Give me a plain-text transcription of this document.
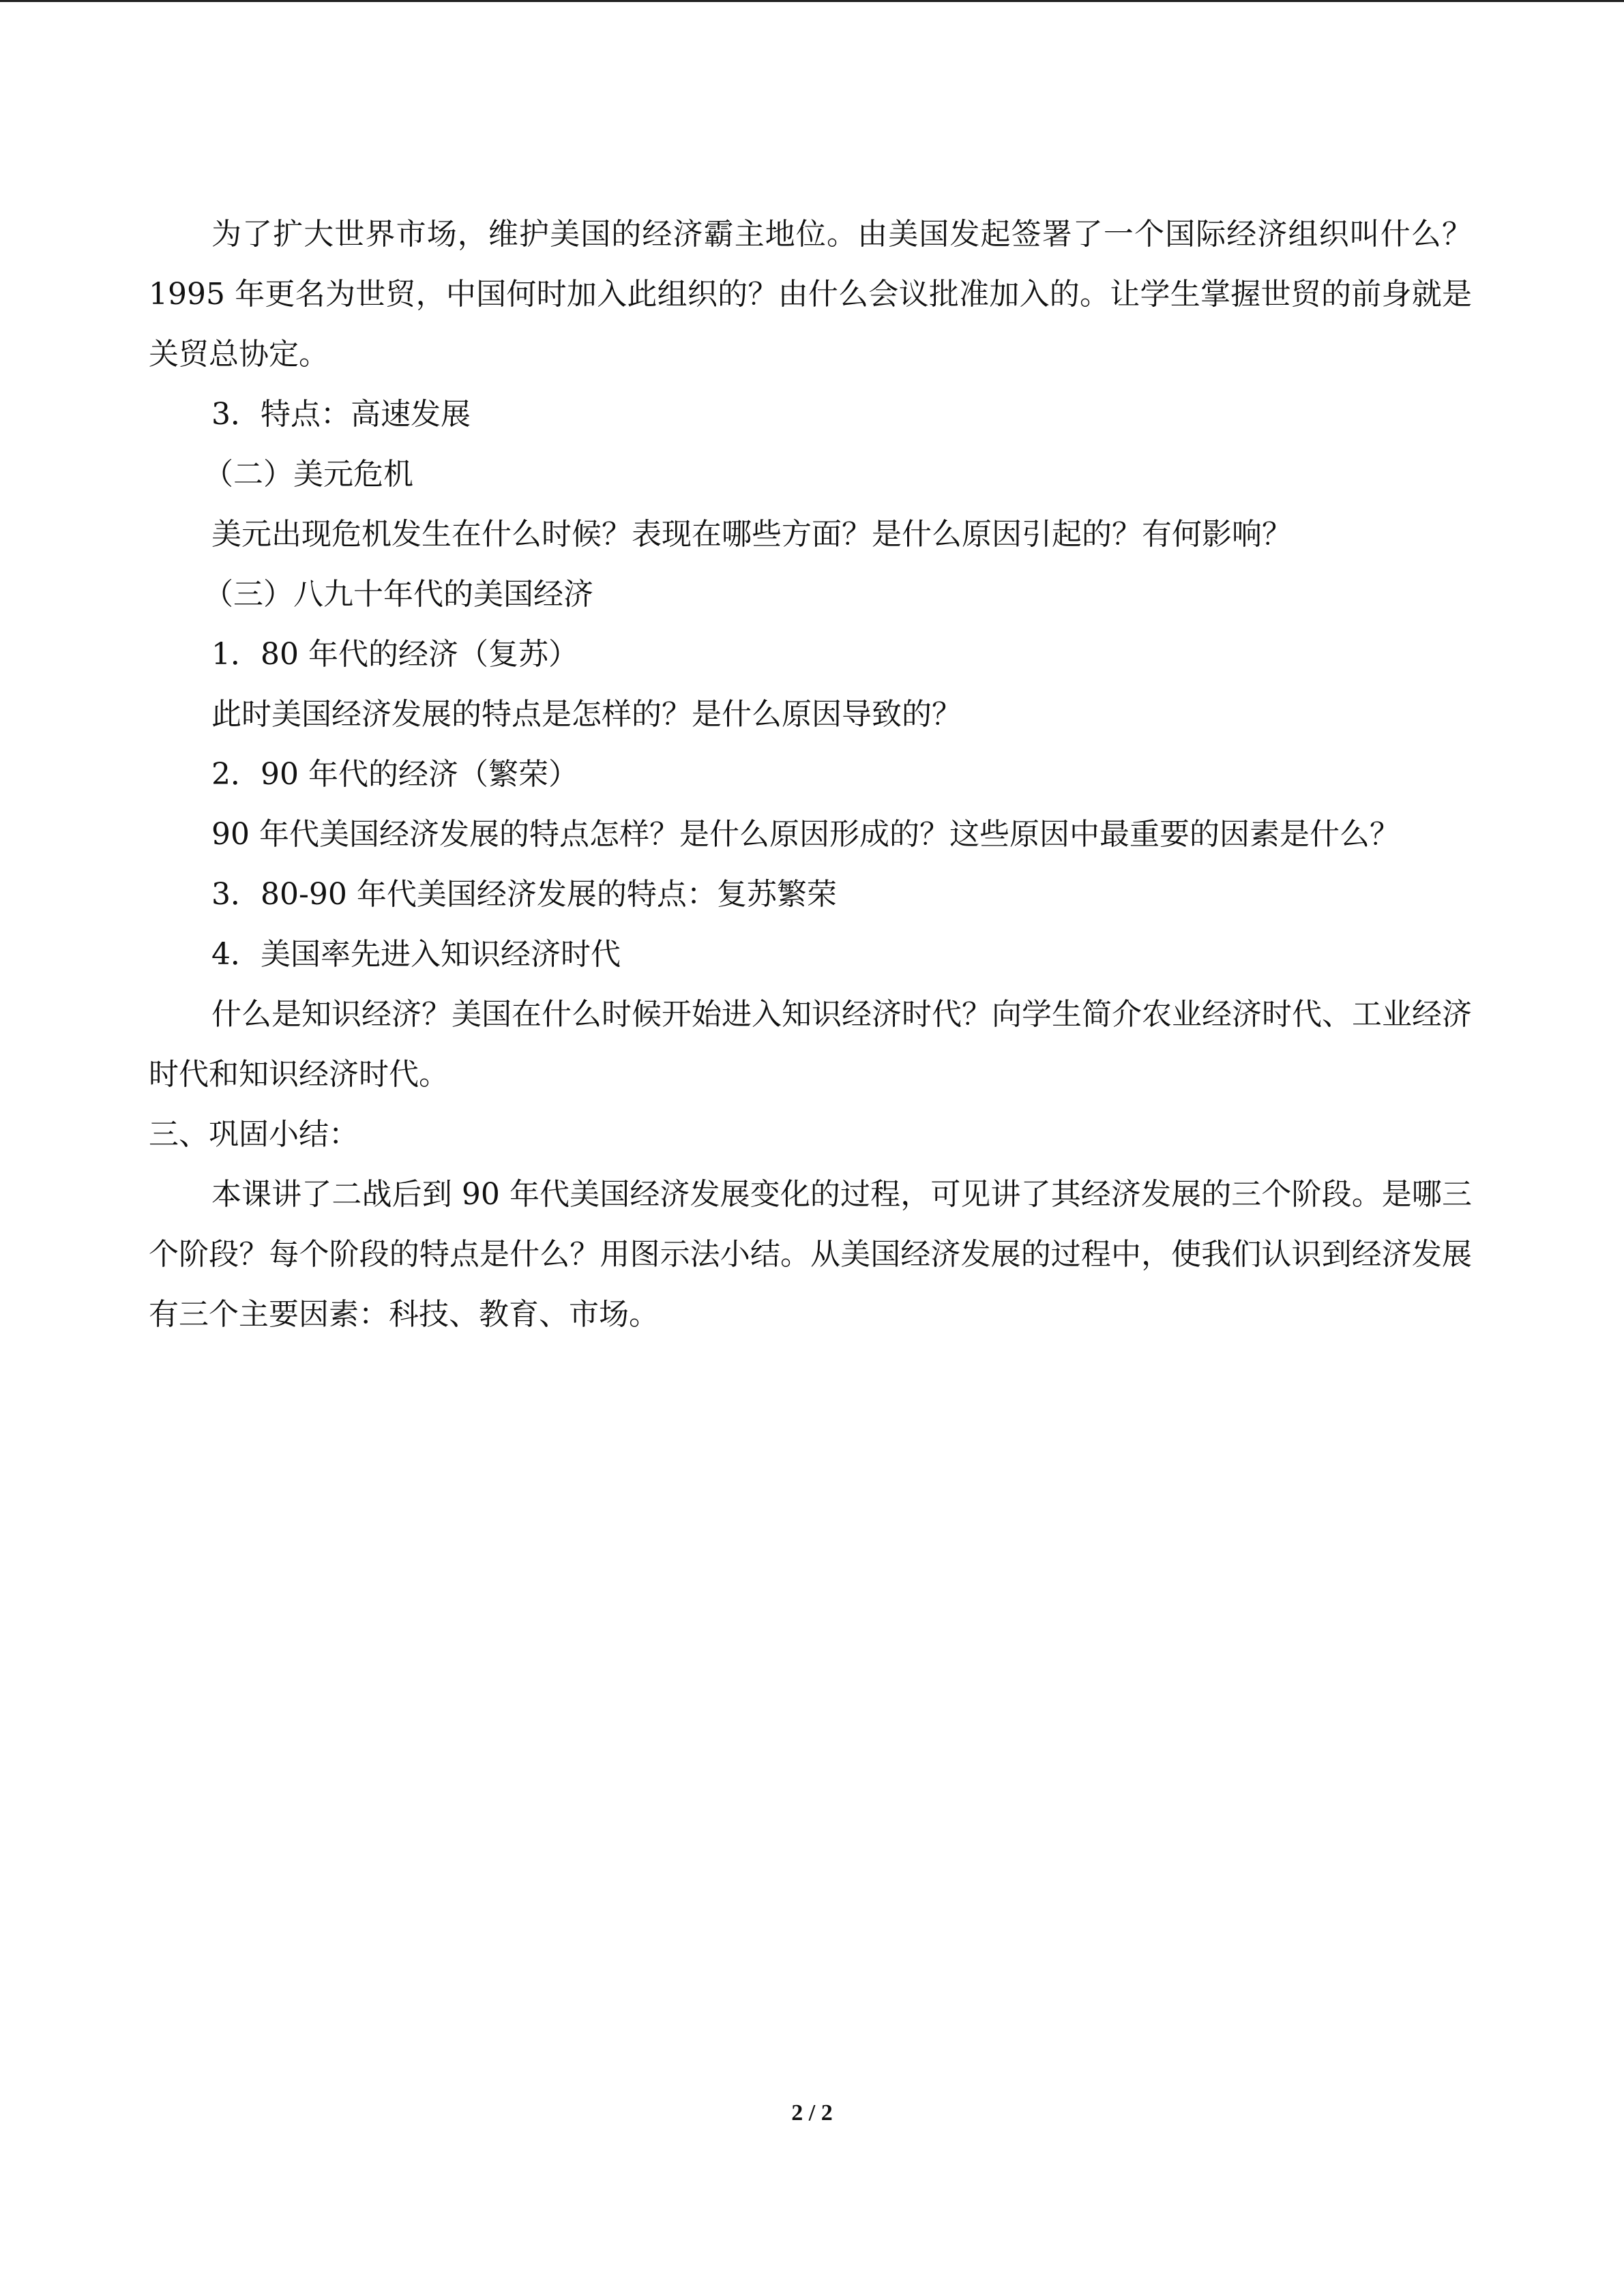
为了扩大世界市场，维护美国的经济霸主地位。由美国发起签署了一个国际经济组织叫什么？1995 年更名为世贸，中国何时加入此组织的？由什么会议批准加入的。让学生掌握世贸的前身就是关贸总协定。
3．特点：高速发展
（二）美元危机
美元出现危机发生在什么时候？表现在哪些方面？是什么原因引起的？有何影响？
（三）八九十年代的美国经济
1．80 年代的经济（复苏）
此时美国经济发展的特点是怎样的？是什么原因导致的？
2．90 年代的经济（繁荣）
90 年代美国经济发展的特点怎样？是什么原因形成的？这些原因中最重要的因素是什么？
3．80-90 年代美国经济发展的特点：复苏繁荣
4．美国率先进入知识经济时代
什么是知识经济？美国在什么时候开始进入知识经济时代？向学生简介农业经济时代、工业经济时代和知识经济时代。
三、巩固小结：
本课讲了二战后到 90 年代美国经济发展变化的过程，可见讲了其经济发展的三个阶段。是哪三个阶段？每个阶段的特点是什么？用图示法小结。从美国经济发展的过程中，使我们认识到经济发展有三个主要因素：科技、教育、市场。
2 / 2
